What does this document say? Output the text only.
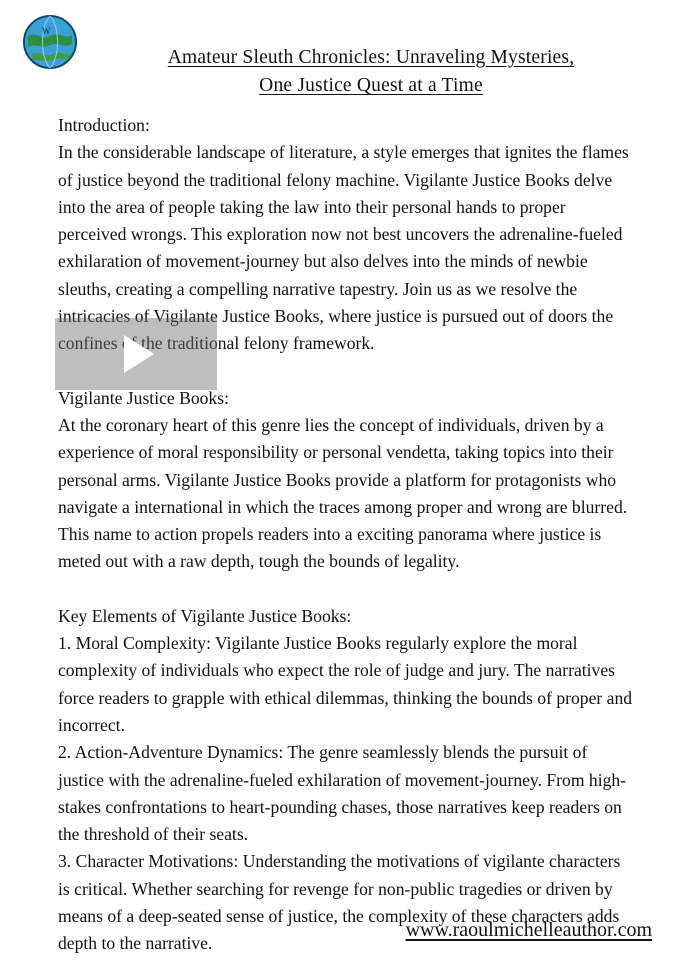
W
Amateur Sleuth Chronicles: Unraveling Mysteries,
One Justice Quest at a Time

Introduction:

In the considerable landscape of literature, a style emerges that ignites the flames of justice beyond the traditional felony machine. Vigilante Justice Books delve into the area of people taking the law into their personal hands to proper perceived wrongs. This exploration now not best uncovers the adrenaline-fueled exhilaration of movement-journey but also delves into the minds of newbie sleuths, creating a compelling narrative tapestry. Join us as we resolve the intricacies of Vigilante Justice Books, where justice is pursued out of doors the confines of the traditional felony framework.

Vigilante Justice Books:

At the coronary heart of this genre lies the concept of individuals, driven by a experience of moral responsibility or personal vendetta, taking topics into their personal arms. Vigilante Justice Books provide a platform for protagonists who navigate a international in which the traces among proper and wrong are blurred. This name to action propels readers into a exciting panorama where justice is meted out with a raw depth, tough the bounds of legality.

Key Elements of Vigilante Justice Books:

1. Moral Complexity: Vigilante Justice Books regularly explore the moral complexity of individuals who expect the role of judge and jury. The narratives force readers to grapple with ethical dilemmas, thinking the bounds of proper and incorrect.

2. Action-Adventure Dynamics: The genre seamlessly blends the pursuit of justice with the adrenaline-fueled exhilaration of movement-journey. From high-stakes confrontations to heart-pounding chases, those narratives keep readers on the threshold of their seats.

3. Character Motivations: Understanding the motivations of vigilante characters is critical. Whether searching for revenge for non-public tragedies or driven by means of a deep-seated sense of justice, the complexity of these characters adds depth to the narrative.

www.raoulmichelleauthor.com
